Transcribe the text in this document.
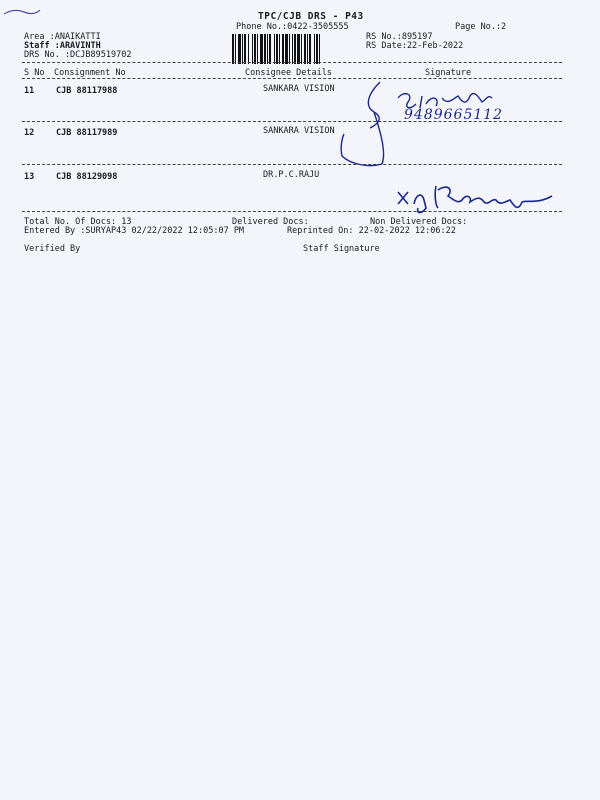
TPC/CJB DRS - P43
Phone No.:0422-3505555	Page No.:2
Area :ANAIKATTI
Staff :ARAVINTH
DRS No. :DCJB89519702
RS No.:895197
RS Date:22-Feb-2022
S No Consignment No	Consignee Details	Signature
11	CJB 88117988	SANKARA VISION
12	CJB 88117989	SANKARA VISION
13	CJB 88129098	DR.P.C.RAJU
9489665112
Total No. Of Docs: 13	Delivered Docs:	Non Delivered Docs:
Entered By :SURYAP43 02/22/2022 12:05:07 PM	Reprinted On: 22-02-2022 12:06:22
Verified By	Staff Signature
